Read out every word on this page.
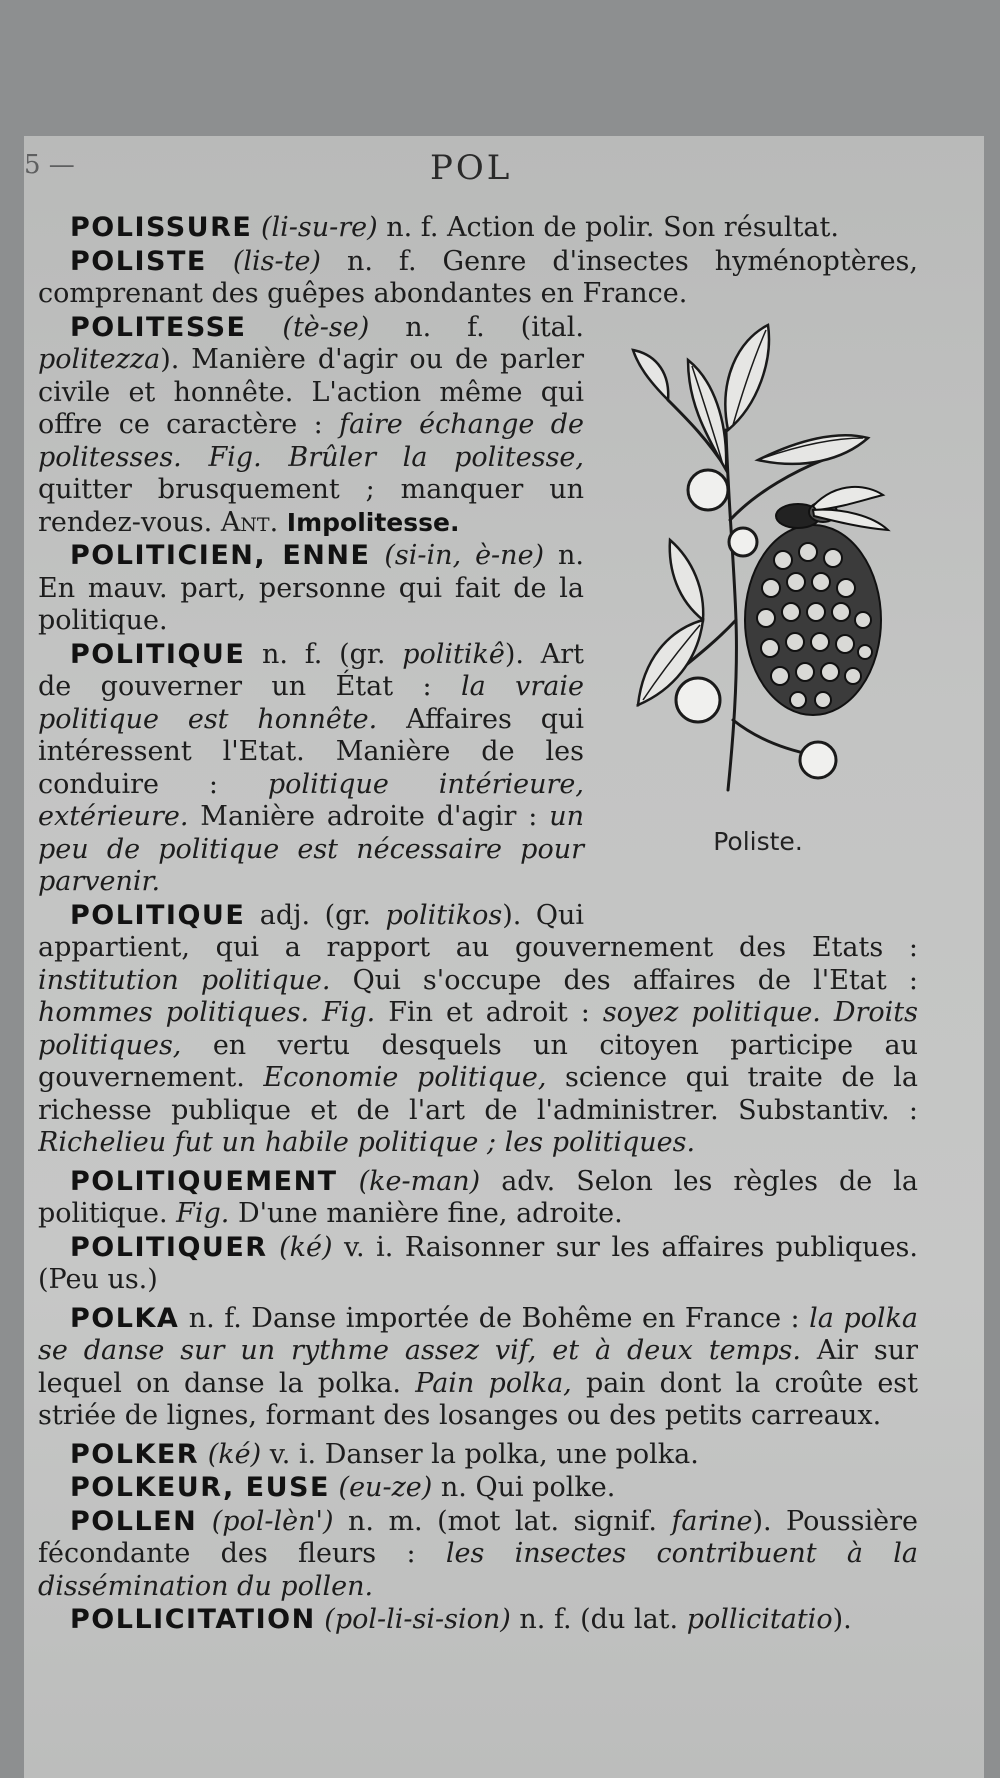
5 —	POL

POLISSURE (li-su-re) n. f. Action de polir. Son résultat.

POLISTE (lis-te) n. f. Genre d'insectes hyménoptères, comprenant des guêpes abondantes en France.

Poliste.

POLITESSE (tè-se) n. f. (ital. politezza). Manière d'agir ou de parler civile et honnête. L'action même qui offre ce caractère : faire échange de politesses. Fig. Brûler la politesse, quitter brusquement ; manquer un rendez-vous. Ant. Impolitesse.

POLITICIEN, ENNE (si-in, è-ne) n. En mauv. part, personne qui fait de la politique.

POLITIQUE n. f. (gr. politikê). Art de gouverner un État : la vraie politique est honnête. Affaires qui intéressent l'Etat. Manière de les conduire : politique intérieure, extérieure. Manière adroite d'agir : un peu de politique est nécessaire pour parvenir.

POLITIQUE adj. (gr. politikos). Qui appartient, qui a rapport au gouvernement des Etats : institution politique. Qui s'occupe des affaires de l'Etat : hommes politiques. Fig. Fin et adroit : soyez politique. Droits politiques, en vertu desquels un citoyen participe au gouvernement. Economie politique, science qui traite de la richesse publique et de l'art de l'administrer. Substantiv. : Richelieu fut un habile politique ; les politiques.

POLITIQUEMENT (ke-man) adv. Selon les règles de la politique. Fig. D'une manière fine, adroite.

POLITIQUER (ké) v. i. Raisonner sur les affaires publiques. (Peu us.)

POLKA n. f. Danse importée de Bohême en France : la polka se danse sur un rythme assez vif, et à deux temps. Air sur lequel on danse la polka. Pain polka, pain dont la croûte est striée de lignes, formant des losanges ou des petits carreaux.

POLKER (ké) v. i. Danser la polka, une polka.

POLKEUR, EUSE (eu-ze) n. Qui polke.

POLLEN (pol-lèn') n. m. (mot lat. signif. farine). Poussière fécondante des fleurs : les insectes contribuent à la dissémination du pollen.

POLLICITATION (pol-li-si-sion) n. f. (du lat. pollicitatio).
